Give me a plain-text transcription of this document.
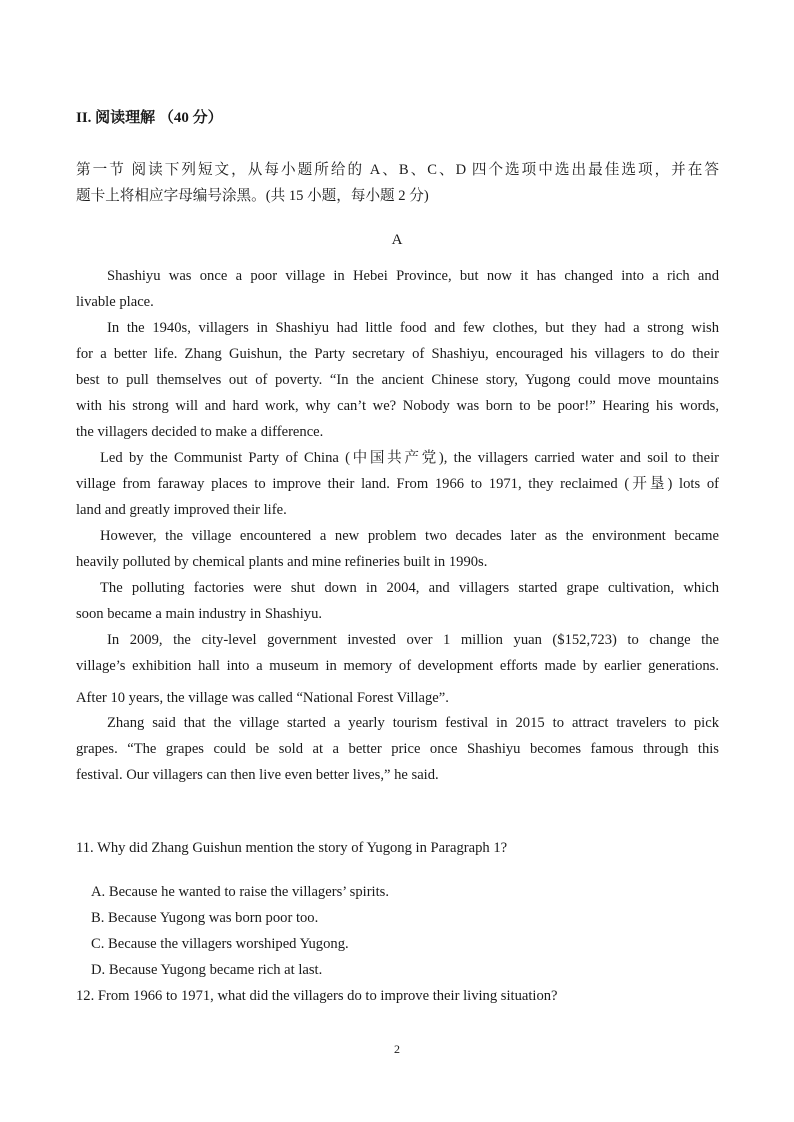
II. 阅读理解 （40 分）
第一节 阅读下列短文，从每小题所给的 A、B、C、D 四个选项中选出最佳选项，并在答
题卡上将相应字母编号涂黑。(共 15 小题，每小题 2 分)
A
Shashiyu was once a poor village in Hebei Province, but now it has changed into a rich and
livable place.
In the 1940s, villagers in Shashiyu had little food and few clothes, but they had a strong wish
for a better life. Zhang Guishun, the Party secretary of Shashiyu, encouraged his villagers to do their
best to pull themselves out of poverty. “In the ancient Chinese story, Yugong could move mountains
with his strong will and hard work, why can’t we? Nobody was born to be poor!” Hearing his words,
the villagers decided to make a difference.
Led by the Communist Party of China (中国共产党), the villagers carried water and soil to their
village from faraway places to improve their land. From 1966 to 1971, they reclaimed (开垦) lots of
land and greatly improved their life.
However, the village encountered a new problem two decades later as the environment became
heavily polluted by chemical plants and mine refineries built in 1990s.
The polluting factories were shut down in 2004, and villagers started grape cultivation, which
soon became a main industry in Shashiyu.
In 2009, the city-level government invested over 1 million yuan ($152,723) to change the
village’s exhibition hall into a museum in memory of development efforts made by earlier generations.
After 10 years, the village was called “National Forest Village”.
Zhang said that the village started a yearly tourism festival in 2015 to attract travelers to pick
grapes. “The grapes could be sold at a better price once Shashiyu becomes famous through this
festival. Our villagers can then live even better lives,” he said.
11. Why did Zhang Guishun mention the story of Yugong in Paragraph 1?
A. Because he wanted to raise the villagers’ spirits.
B. Because Yugong was born poor too.
C. Because the villagers worshiped Yugong.
D. Because Yugong became rich at last.
12. From 1966 to 1971, what did the villagers do to improve their living situation?
2
